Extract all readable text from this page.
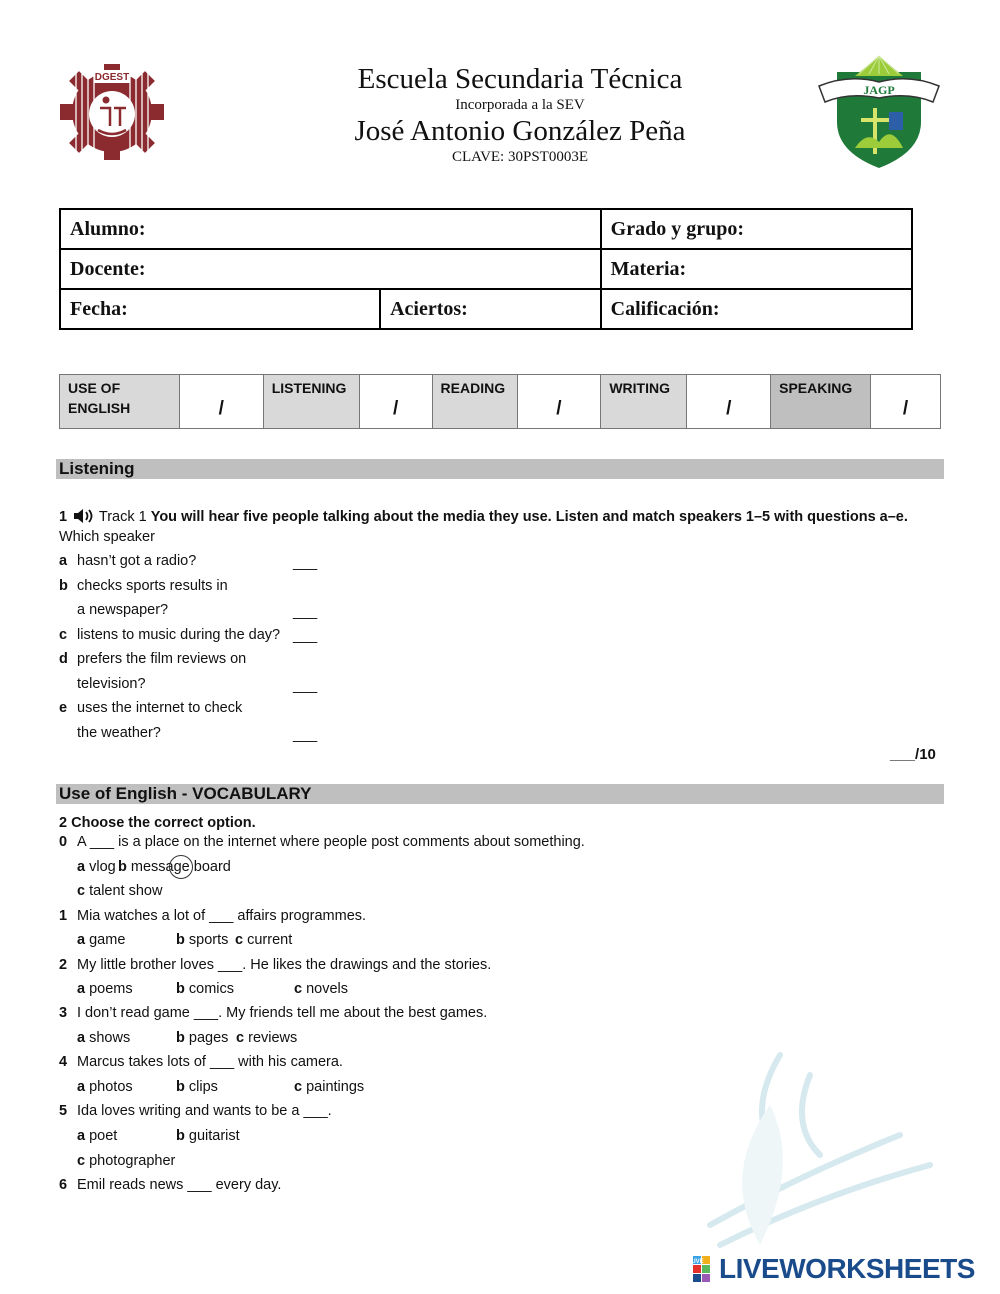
DGEST	Escuela Secundaria Técnica
Incorporada a la SEV
José Antonio González Peña
CLAVE: 30PST0003E
JAGP
Alumno:		Grado y grupo:
Docente:		Materia:
Fecha:	Aciertos:	Calificación:
USE OF
ENGLISH	/	LISTENING	/	READING	/	WRITING	/	SPEAKING	/
Listening
1 Track 1 You will hear five people talking about the media they use. Listen and match speakers 1–5 with questions a–e.
Which speaker
a hasn’t got a radio?	___
b checks sports results in
a newspaper?	___
c listens to music during the day? ___
d prefers the film reviews on
television?	___
e uses the internet to check
the weather?	___
___/10
Use of English - VOCABULARY
2 Choose the correct option.
0 A ___ is a place on the internet where people post comments about something.
a vlog b message board
c talent show
1 Mia watches a lot of ___ affairs programmes.
a game	b sports c current
2 My little brother loves ___. He likes the drawings and the stories.
a poems	b comics	c novels
3 I don’t read game ___. My friends tell me about the best games.
a shows	b pages c reviews
4 Marcus takes lots of ___ with his camera.
a photos	b clips	c paintings
5 Ida loves writing and wants to be a ___.
a poet	b guitarist
c photographer
6 Emil reads news ___ every day.
LIVE LIVEWORKSHEETS
